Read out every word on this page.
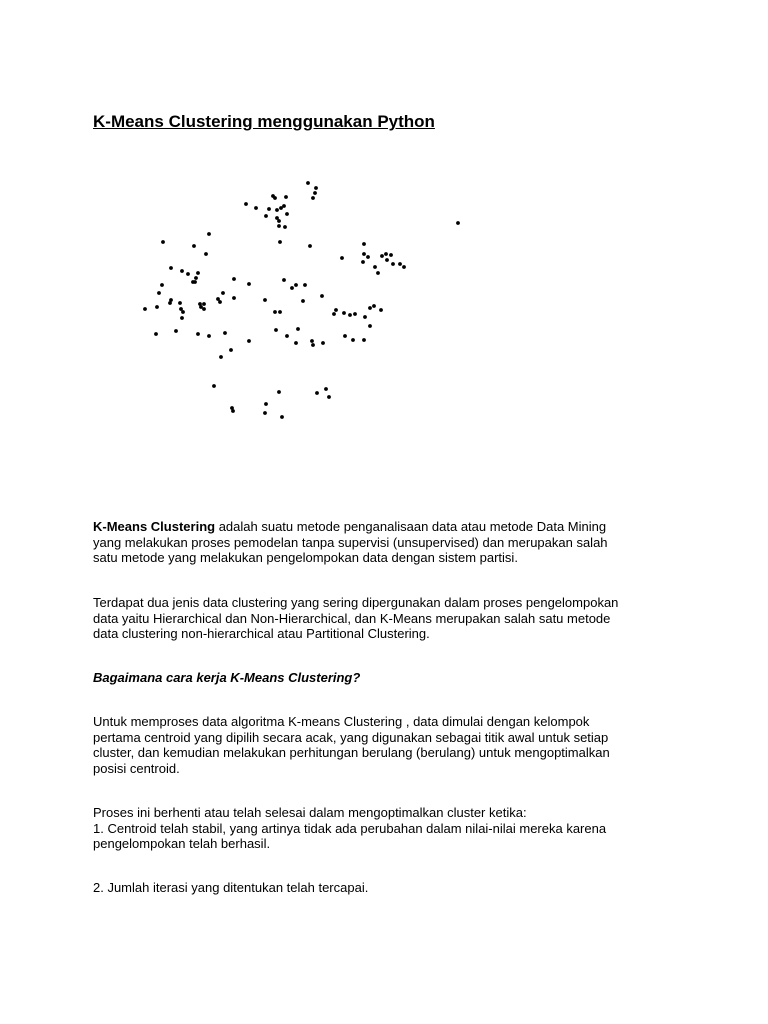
K-Means Clustering menggunakan Python

K-Means Clustering adalah suatu metode penganalisaan data atau metode Data Mining
yang melakukan proses pemodelan tanpa supervisi (unsupervised) dan merupakan salah
satu metode yang melakukan pengelompokan data dengan sistem partisi.

Terdapat dua jenis data clustering yang sering dipergunakan dalam proses pengelompokan
data yaitu Hierarchical dan Non-Hierarchical, dan K-Means merupakan salah satu metode
data clustering non-hierarchical atau Partitional Clustering.

Bagaimana cara kerja K-Means Clustering?

Untuk memproses data algoritma K-means Clustering , data dimulai dengan kelompok
pertama centroid yang dipilih secara acak, yang digunakan sebagai titik awal untuk setiap
cluster, dan kemudian melakukan perhitungan berulang (berulang) untuk mengoptimalkan
posisi centroid.

Proses ini berhenti atau telah selesai dalam mengoptimalkan cluster ketika:
1. Centroid telah stabil, yang artinya tidak ada perubahan dalam nilai-nilai mereka karena
pengelompokan telah berhasil.

2. Jumlah iterasi yang ditentukan telah tercapai.
